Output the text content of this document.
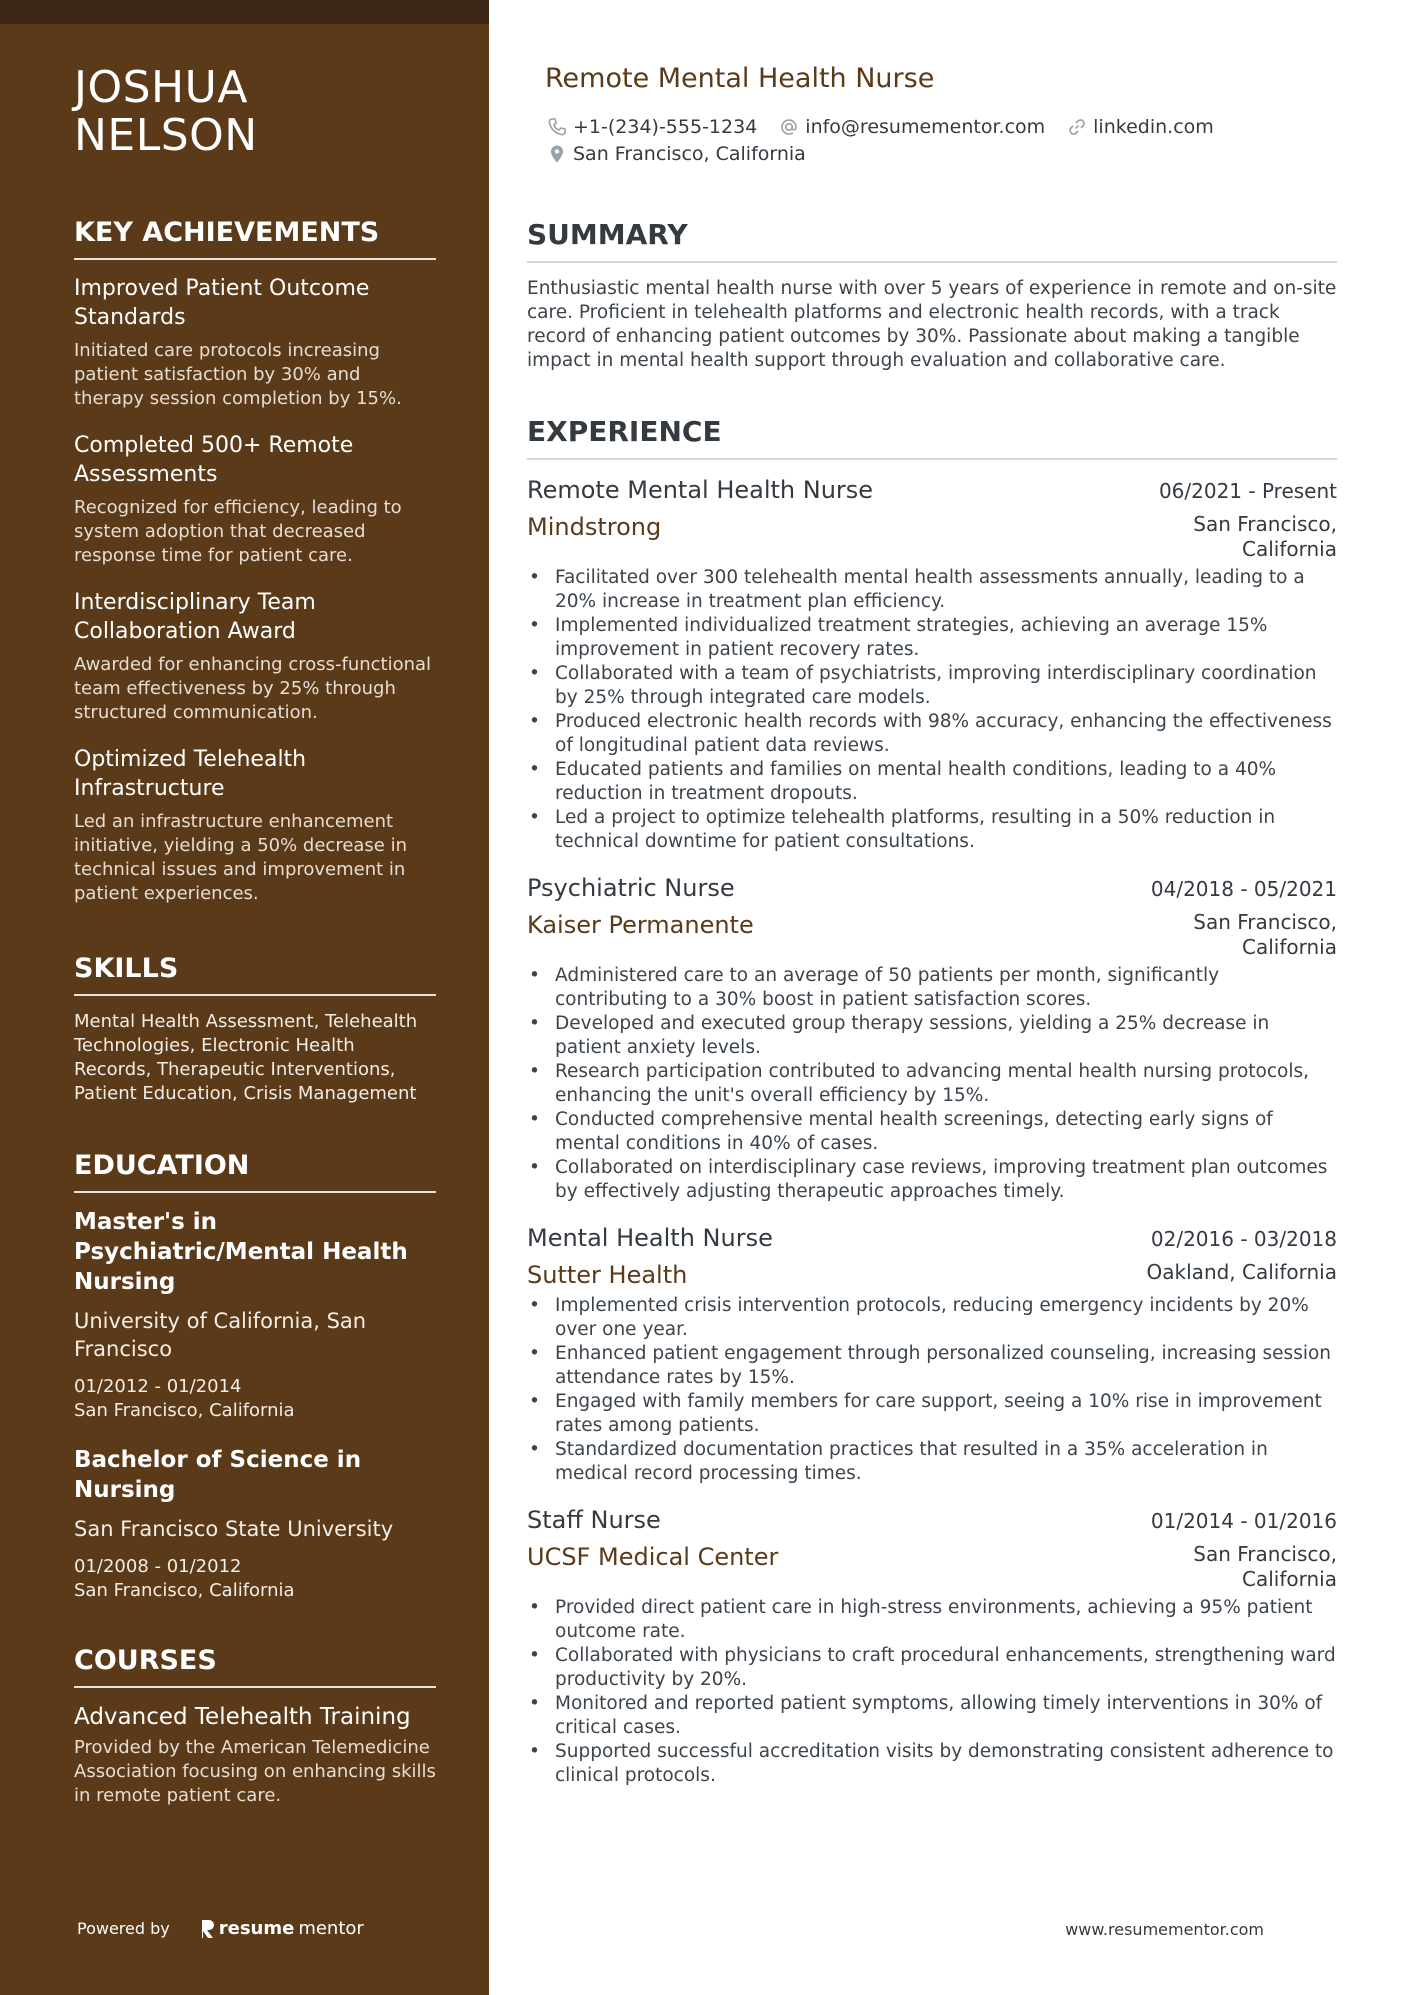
JOSHUA
NELSON
KEY ACHIEVEMENTS
Improved Patient Outcome Standards
Initiated care protocols increasing patient satisfaction by 30% and therapy session completion by 15%.
Completed 500+ Remote Assessments
Recognized for efficiency, leading to system adoption that decreased response time for patient care.
Interdisciplinary Team Collaboration Award
Awarded for enhancing cross-functional team effectiveness by 25% through structured communication.
Optimized Telehealth Infrastructure
Led an infrastructure enhancement initiative, yielding a 50% decrease in technical issues and improvement in patient experiences.
SKILLS
Mental Health Assessment, Telehealth Technologies, Electronic Health Records, Therapeutic Interventions, Patient Education, Crisis Management
EDUCATION
Master's in Psychiatric/Mental Health Nursing
University of California, San Francisco
01/2012 - 01/2014
San Francisco, California
Bachelor of Science in Nursing
San Francisco State University
01/2008 - 01/2012
San Francisco, California
COURSES
Advanced Telehealth Training
Provided by the American Telemedicine Association focusing on enhancing skills in remote patient care.
Powered by	resume mentor
Remote Mental Health Nurse
+1-(234)-555-1234	info@resumementor.com	linkedin.com
San Francisco, California
SUMMARY

Enthusiastic mental health nurse with over 5 years of experience in remote and on-site care. Proficient in telehealth platforms and electronic health records, with a track record of enhancing patient outcomes by 30%. Passionate about making a tangible impact in mental health support through evaluation and collaborative care.

EXPERIENCE
Remote Mental Health Nurse	06/2021 - Present
Mindstrong	San Francisco, California
• Facilitated over 300 telehealth mental health assessments annually, leading to a 20% increase in treatment plan efficiency.
• Implemented individualized treatment strategies, achieving an average 15% improvement in patient recovery rates.
• Collaborated with a team of psychiatrists, improving interdisciplinary coordination by 25% through integrated care models.
• Produced electronic health records with 98% accuracy, enhancing the effectiveness of longitudinal patient data reviews.
• Educated patients and families on mental health conditions, leading to a 40% reduction in treatment dropouts.
• Led a project to optimize telehealth platforms, resulting in a 50% reduction in technical downtime for patient consultations.
Psychiatric Nurse	04/2018 - 05/2021
Kaiser Permanente	San Francisco, California
• Administered care to an average of 50 patients per month, significantly contributing to a 30% boost in patient satisfaction scores.
• Developed and executed group therapy sessions, yielding a 25% decrease in patient anxiety levels.
• Research participation contributed to advancing mental health nursing protocols, enhancing the unit's overall efficiency by 15%.
• Conducted comprehensive mental health screenings, detecting early signs of mental conditions in 40% of cases.
• Collaborated on interdisciplinary case reviews, improving treatment plan outcomes by effectively adjusting therapeutic approaches timely.
Mental Health Nurse	02/2016 - 03/2018
Sutter Health	Oakland, California
• Implemented crisis intervention protocols, reducing emergency incidents by 20% over one year.
• Enhanced patient engagement through personalized counseling, increasing session attendance rates by 15%.
• Engaged with family members for care support, seeing a 10% rise in improvement rates among patients.
• Standardized documentation practices that resulted in a 35% acceleration in medical record processing times.
Staff Nurse	01/2014 - 01/2016
UCSF Medical Center	San Francisco, California
• Provided direct patient care in high-stress environments, achieving a 95% patient outcome rate.
• Collaborated with physicians to craft procedural enhancements, strengthening ward productivity by 20%.
• Monitored and reported patient symptoms, allowing timely interventions in 30% of critical cases.
• Supported successful accreditation visits by demonstrating consistent adherence to clinical protocols.
www.resumementor.com
